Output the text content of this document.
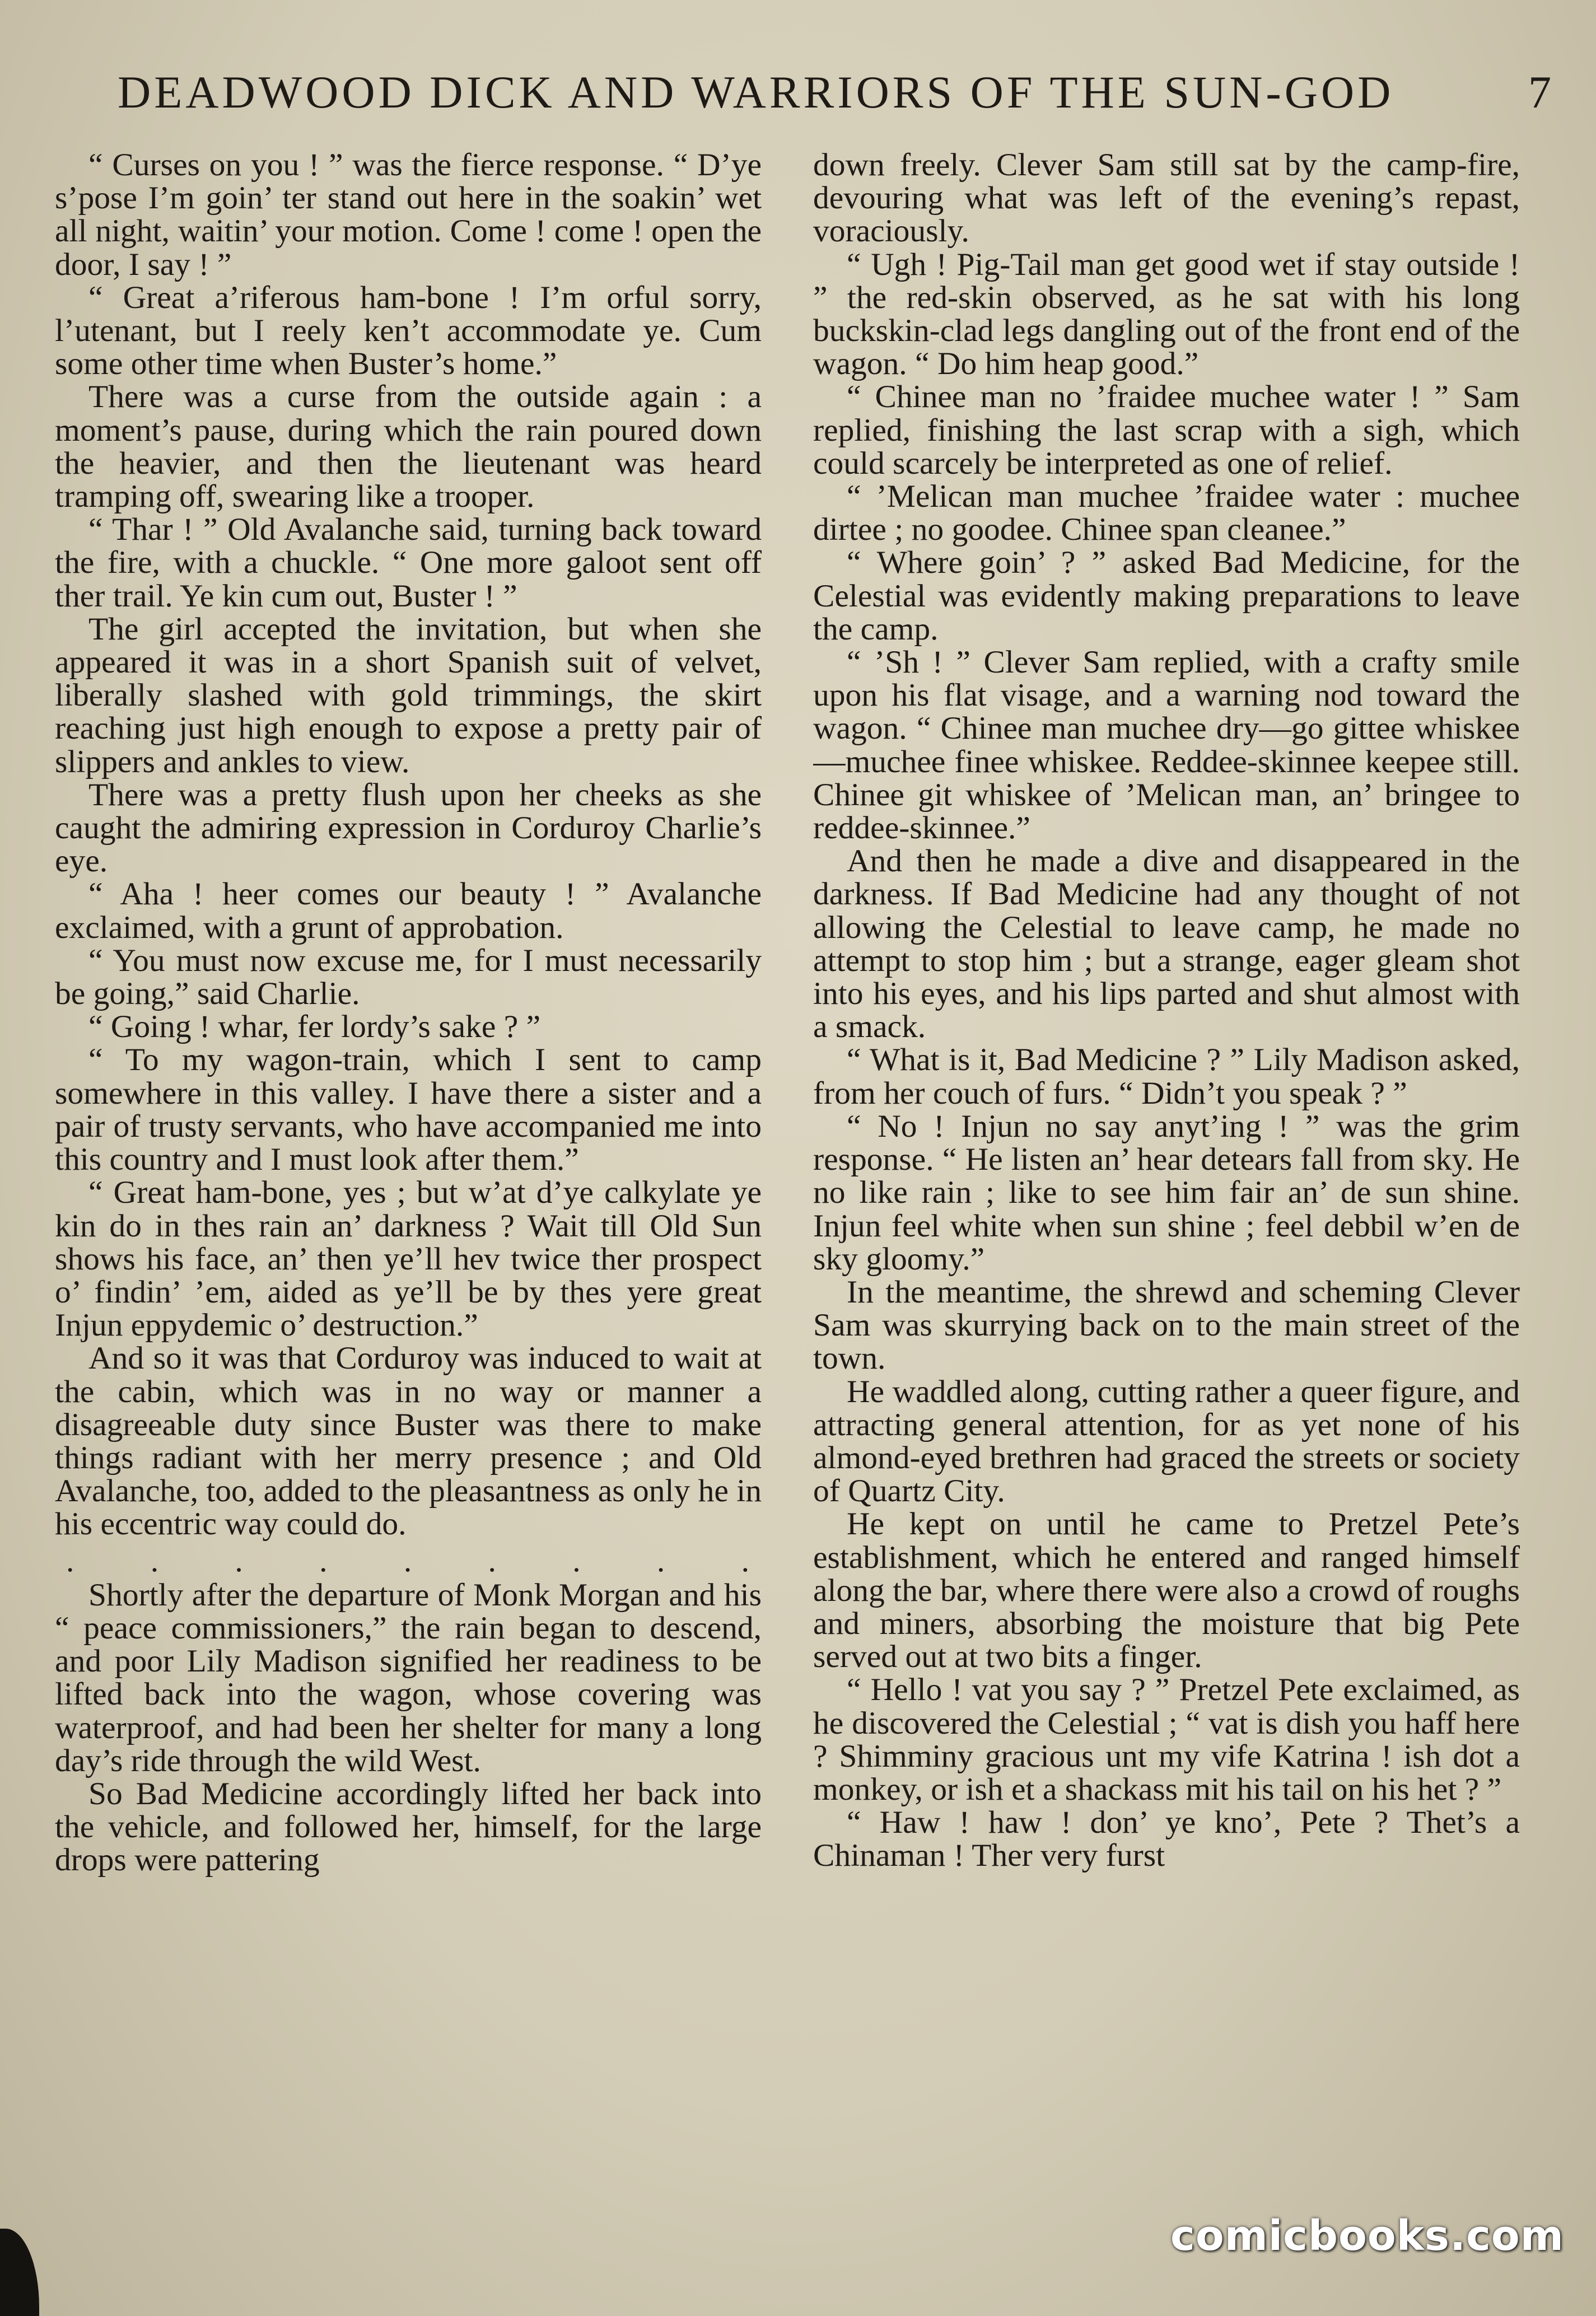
DEADWOOD DICK AND WARRIORS OF THE SUN-GOD	7

“ Curses on you ! ” was the fierce response. “ D’ye s’pose I’m goin’ ter stand out here in the soakin’ wet all night, waitin’ your motion. Come ! come ! open the door, I say ! ”

“ Great a’riferous ham-bone ! I’m orful sorry, l’utenant, but I reely ken’t accommodate ye. Cum some other time when Buster’s home.”

There was a curse from the outside again : a moment’s pause, during which the rain poured down the heavier, and then the lieutenant was heard tramping off, swearing like a trooper.

“ Thar ! ” Old Avalanche said, turning back toward the fire, with a chuckle. “ One more galoot sent off ther trail. Ye kin cum out, Buster ! ”

The girl accepted the invitation, but when she appeared it was in a short Spanish suit of velvet, liberally slashed with gold trimmings, the skirt reaching just high enough to expose a pretty pair of slippers and ankles to view.

There was a pretty flush upon her cheeks as she caught the admiring expression in Corduroy Charlie’s eye.

“ Aha ! heer comes our beauty ! ” Avalanche exclaimed, with a grunt of approbation.

“ You must now excuse me, for I must necessarily be going,” said Charlie.

“ Going ! whar, fer lordy’s sake ? ”

“ To my wagon-train, which I sent to camp somewhere in this valley. I have there a sister and a pair of trusty servants, who have accompanied me into this country and I must look after them.”

“ Great ham-bone, yes ; but w’at d’ye calkylate ye kin do in thes rain an’ darkness ? Wait till Old Sun shows his face, an’ then ye’ll hev twice ther prospect o’ findin’ ’em, aided as ye’ll be by thes yere great Injun eppydemic o’ destruction.”

And so it was that Corduroy was induced to wait at the cabin, which was in no way or manner a disagreeable duty since Buster was there to make things radiant with her merry presence ; and Old Avalanche, too, added to the pleasantness as only he in his eccentric way could do.

. . . . . . . . .

Shortly after the departure of Monk Morgan and his “ peace commissioners,” the rain began to descend, and poor Lily Madison signified her readiness to be lifted back into the wagon, whose covering was waterproof, and had been her shelter for many a long day’s ride through the wild West.

So Bad Medicine accordingly lifted her back into the vehicle, and followed her, himself, for the large drops were pattering

down freely. Clever Sam still sat by the camp-fire, devouring what was left of the evening’s repast, voraciously.

“ Ugh ! Pig-Tail man get good wet if stay outside ! ” the red-skin observed, as he sat with his long buckskin-clad legs dangling out of the front end of the wagon. “ Do him heap good.”

“ Chinee man no ’fraidee muchee water ! ” Sam replied, finishing the last scrap with a sigh, which could scarcely be interpreted as one of relief.

“ ’Melican man muchee ’fraidee water : muchee dirtee ; no goodee. Chinee span cleanee.”

“ Where goin’ ? ” asked Bad Medicine, for the Celestial was evidently making preparations to leave the camp.

“ ’Sh ! ” Clever Sam replied, with a crafty smile upon his flat visage, and a warning nod toward the wagon. “ Chinee man muchee dry—go gittee whiskee—muchee finee whiskee. Reddee-skinnee keepee still. Chinee git whiskee of ’Melican man, an’ bringee to reddee-skinnee.”

And then he made a dive and disappeared in the darkness. If Bad Medicine had any thought of not allowing the Celestial to leave camp, he made no attempt to stop him ; but a strange, eager gleam shot into his eyes, and his lips parted and shut almost with a smack.

“ What is it, Bad Medicine ? ” Lily Madison asked, from her couch of furs. “ Didn’t you speak ? ”

“ No ! Injun no say anyt’ing ! ” was the grim response. “ He listen an’ hear detears fall from sky. He no like rain ; like to see him fair an’ de sun shine. Injun feel white when sun shine ; feel debbil w’en de sky gloomy.”

In the meantime, the shrewd and scheming Clever Sam was skurrying back on to the main street of the town.

He waddled along, cutting rather a queer figure, and attracting general attention, for as yet none of his almond-eyed brethren had graced the streets or society of Quartz City.

He kept on until he came to Pretzel Pete’s establishment, which he entered and ranged himself along the bar, where there were also a crowd of roughs and miners, absorbing the moisture that big Pete served out at two bits a finger.

“ Hello ! vat you say ? ” Pretzel Pete exclaimed, as he discovered the Celestial ; “ vat is dish you haff here ? Shimminy gracious unt my vife Katrina ! ish dot a monkey, or ish et a shackass mit his tail on his het ? ”

“ Haw ! haw ! don’ ye kno’, Pete ? Thet’s a Chinaman ! Ther very furst

comicbooks.com
